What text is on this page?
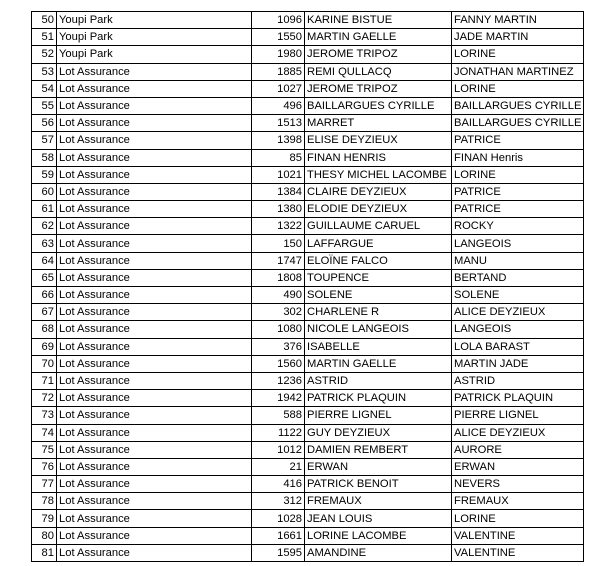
50	Youpi Park	1096	KARINE BISTUE	FANNY MARTIN
51	Youpi Park	1550	MARTIN GAELLE	JADE MARTIN
52	Youpi Park	1980	JEROME TRIPOZ	LORINE
53	Lot Assurance	1885	REMI QULLACQ	JONATHAN MARTINEZ
54	Lot Assurance	1027	JEROME TRIPOZ	LORINE
55	Lot Assurance	496	BAILLARGUES CYRILLE	BAILLARGUES CYRILLE
56	Lot Assurance	1513	MARRET	BAILLARGUES CYRILLE
57	Lot Assurance	1398	ELISE DEYZIEUX	PATRICE
58	Lot Assurance	85	FINAN HENRIS	FINAN Henris
59	Lot Assurance	1021	THESY MICHEL LACOMBE	LORINE
60	Lot Assurance	1384	CLAIRE DEYZIEUX	PATRICE
61	Lot Assurance	1380	ELODIE DEYZIEUX	PATRICE
62	Lot Assurance	1322	GUILLAUME CARUEL	ROCKY
63	Lot Assurance	150	LAFFARGUE	LANGEOIS
64	Lot Assurance	1747	ELOÏNE FALCO	MANU
65	Lot Assurance	1808	TOUPENCE	BERTAND
66	Lot Assurance	490	SOLENE	SOLENE
67	Lot Assurance	302	CHARLENE R	ALICE DEYZIEUX
68	Lot Assurance	1080	NICOLE LANGEOIS	LANGEOIS
69	Lot Assurance	376	ISABELLE	LOLA BARAST
70	Lot Assurance	1560	MARTIN GAELLE	MARTIN JADE
71	Lot Assurance	1236	ASTRID	ASTRID
72	Lot Assurance	1942	PATRICK PLAQUIN	PATRICK PLAQUIN
73	Lot Assurance	588	PIERRE LIGNEL	PIERRE LIGNEL
74	Lot Assurance	1122	GUY DEYZIEUX	ALICE DEYZIEUX
75	Lot Assurance	1012	DAMIEN REMBERT	AURORE
76	Lot Assurance	21	ERWAN	ERWAN
77	Lot Assurance	416	PATRICK BENOIT	NEVERS
78	Lot Assurance	312	FREMAUX	FREMAUX
79	Lot Assurance	1028	JEAN LOUIS	LORINE
80	Lot Assurance	1661	LORINE LACOMBE	VALENTINE
81	Lot Assurance	1595	AMANDINE	VALENTINE
